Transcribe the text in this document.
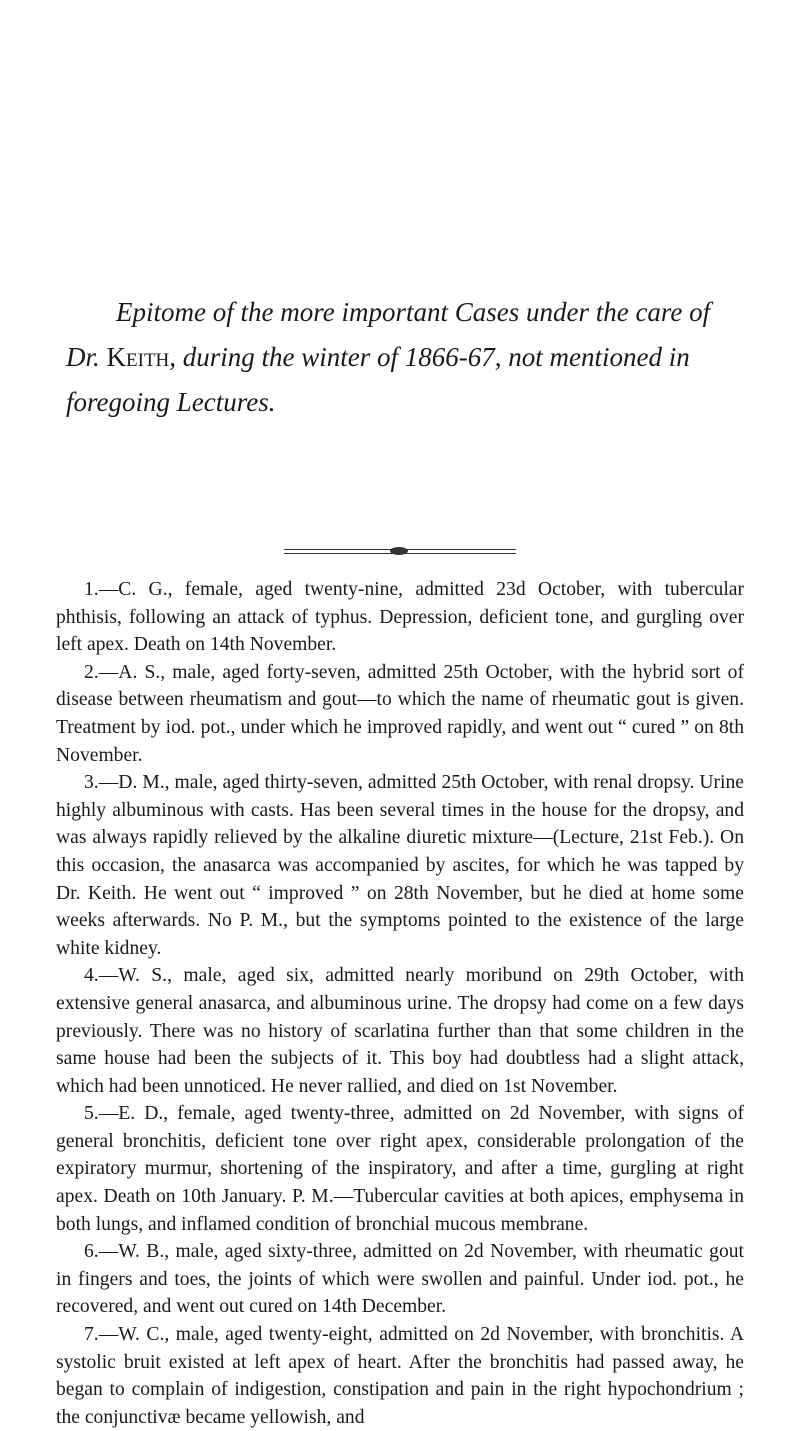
Epitome of the more important Cases under the care of Dr. Keith, during the winter of 1866-67, not mentioned in foregoing Lectures.

1.—C. G., female, aged twenty-nine, admitted 23d October, with tubercular phthisis, following an attack of typhus. Depression, deficient tone, and gurgling over left apex. Death on 14th November.

2.—A. S., male, aged forty-seven, admitted 25th October, with the hybrid sort of disease between rheumatism and gout—to which the name of rheumatic gout is given. Treatment by iod. pot., under which he improved rapidly, and went out “ cured ” on 8th November.

3.—D. M., male, aged thirty-seven, admitted 25th October, with renal dropsy. Urine highly albuminous with casts. Has been several times in the house for the dropsy, and was always rapidly relieved by the alkaline diuretic mixture—(Lecture, 21st Feb.). On this occasion, the anasarca was accompanied by ascites, for which he was tapped by Dr. Keith. He went out “ improved ” on 28th November, but he died at home some weeks afterwards. No P. M., but the symptoms pointed to the existence of the large white kidney.

4.—W. S., male, aged six, admitted nearly moribund on 29th October, with extensive general anasarca, and albuminous urine. The dropsy had come on a few days previously. There was no history of scarlatina further than that some children in the same house had been the subjects of it. This boy had doubtless had a slight attack, which had been unnoticed. He never rallied, and died on 1st November.

5.—E. D., female, aged twenty-three, admitted on 2d November, with signs of general bronchitis, deficient tone over right apex, considerable prolongation of the expiratory murmur, shortening of the inspiratory, and after a time, gurgling at right apex. Death on 10th January. P. M.—Tubercular cavities at both apices, emphysema in both lungs, and inflamed condition of bronchial mucous membrane.

6.—W. B., male, aged sixty-three, admitted on 2d November, with rheumatic gout in fingers and toes, the joints of which were swollen and painful. Under iod. pot., he recovered, and went out cured on 14th December.

7.—W. C., male, aged twenty-eight, admitted on 2d November, with bronchitis. A systolic bruit existed at left apex of heart. After the bronchitis had passed away, he began to complain of indigestion, constipation and pain in the right hypochondrium ; the conjunctivæ became yellowish, and
